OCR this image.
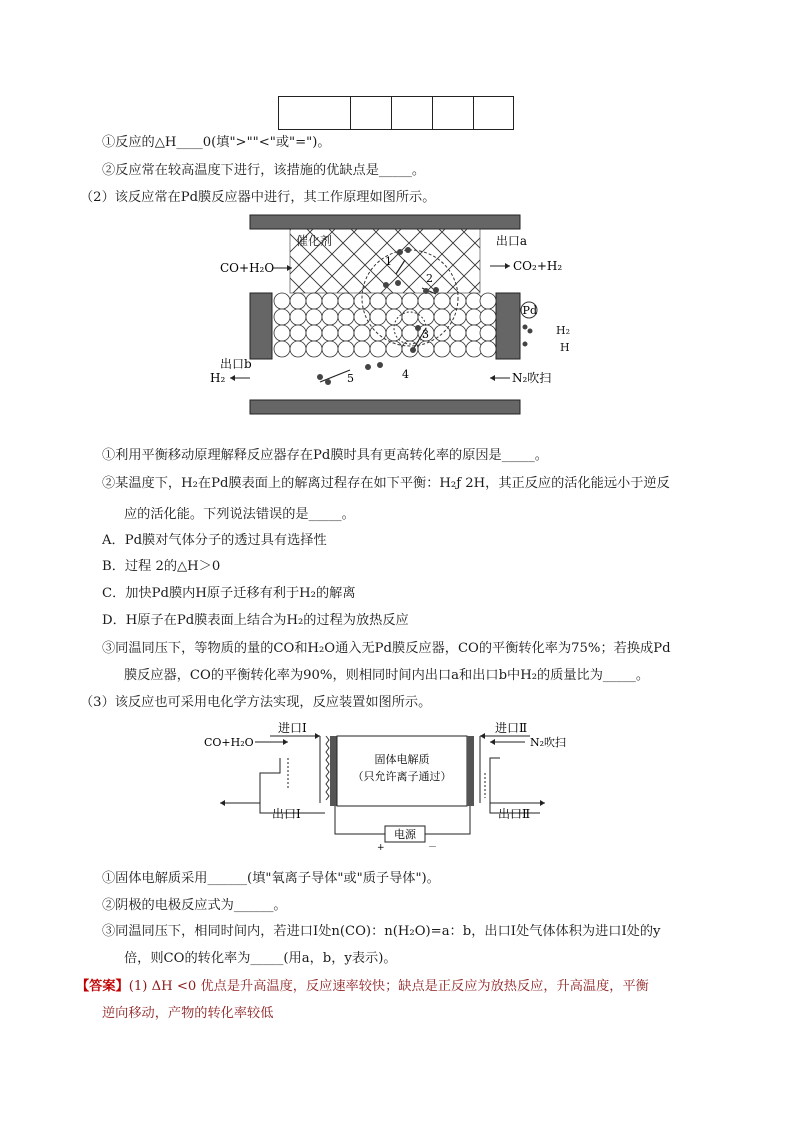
①反应的△H____0(填">""<"或"=")。
②反应常在较高温度下进行，该措施的优缺点是_____。
（2）该反应常在Pd膜反应器中进行，其工作原理如图所示。
催化剂
1
2
3
4
5
出口a
CO₂+H₂
CO+H₂O
出口b
H₂	N₂吹扫
Pd
H₂
H
①利用平衡移动原理解释反应器存在Pd膜时具有更高转化率的原因是_____。
②某温度下，H₂在Pd膜表面上的解离过程存在如下平衡：H₂ƒ 2H，其正反应的活化能远小于逆反
应的活化能。下列说法错误的是_____。
A．Pd膜对气体分子的透过具有选择性
B．过程 2的△H＞0
C．加快Pd膜内H原子迁移有利于H₂的解离
D．H原子在Pd膜表面上结合为H₂的过程为放热反应
③同温同压下，等物质的量的CO和H₂O通入无Pd膜反应器，CO的平衡转化率为75%；若换成Pd
膜反应器，CO的平衡转化率为90%，则相同时间内出口a和出口b中H₂的质量比为_____。
（3）该反应也可采用电化学方法实现，反应装置如图所示。
进口Ⅰ
CO+H₂O
进口Ⅱ
N₂吹扫
固体电解质
（只允许离子通过）
出口Ⅰ	出口Ⅱ
电源
+	－
①固体电解质采用______(填"氧离子导体"或"质子导体")。
②阴极的电极反应式为______。
③同温同压下，相同时间内，若进口Ⅰ处n(CO)：n(H₂O)=a：b，出口Ⅰ处气体体积为进口Ⅰ处的y
倍，则CO的转化率为_____(用a，b，y表示)。
【答案】(1) ΔH <0 优点是升高温度，反应速率较快；缺点是正反应为放热反应，升高温度，平衡
逆向移动，产物的转化率较低
